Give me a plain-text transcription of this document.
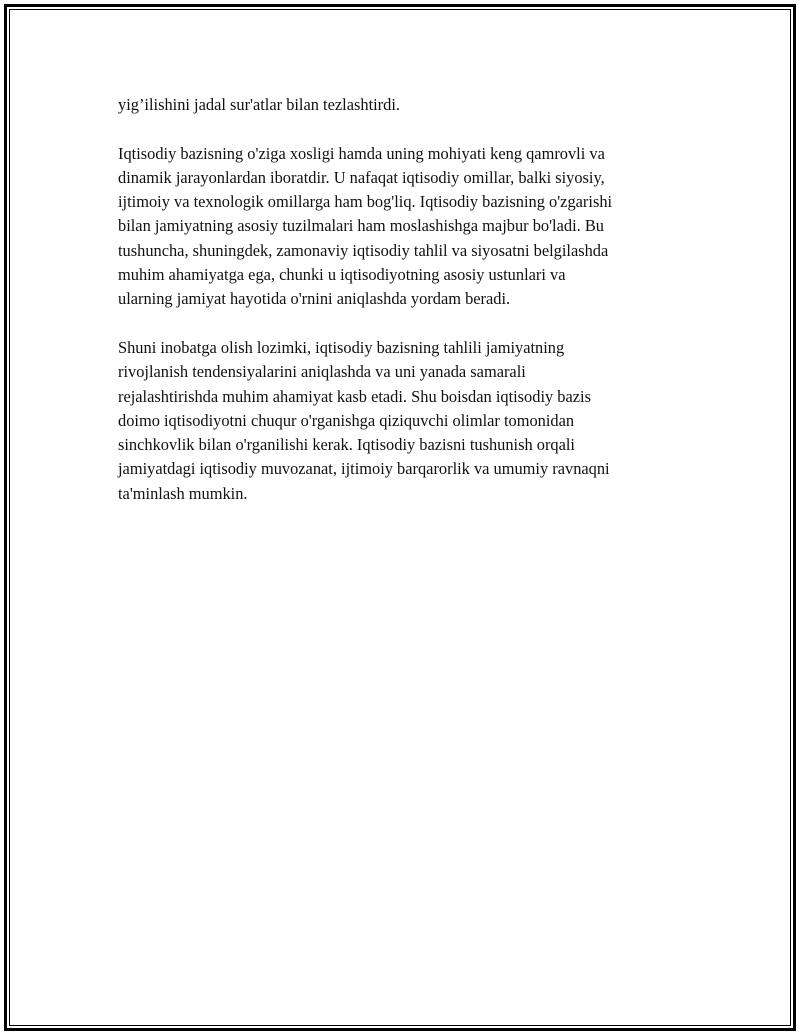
yig’ilishini jadal sur'atlar bilan tezlashtirdi.

Iqtisodiy bazisning o'ziga xosligi hamda uning mohiyati keng qamrovli va
dinamik jarayonlardan iboratdir. U nafaqat iqtisodiy omillar, balki siyosiy,
ijtimoiy va texnologik omillarga ham bog'liq. Iqtisodiy bazisning o'zgarishi
bilan jamiyatning asosiy tuzilmalari ham moslashishga majbur bo'ladi. Bu
tushuncha, shuningdek, zamonaviy iqtisodiy tahlil va siyosatni belgilashda
muhim ahamiyatga ega, chunki u iqtisodiyotning asosiy ustunlari va
ularning jamiyat hayotida o'rnini aniqlashda yordam beradi.

Shuni inobatga olish lozimki, iqtisodiy bazisning tahlili jamiyatning
rivojlanish tendensiyalarini aniqlashda va uni yanada samarali
rejalashtirishda muhim ahamiyat kasb etadi. Shu boisdan iqtisodiy bazis
doimo iqtisodiyotni chuqur o'rganishga qiziquvchi olimlar tomonidan
sinchkovlik bilan o'rganilishi kerak. Iqtisodiy bazisni tushunish orqali
jamiyatdagi iqtisodiy muvozanat, ijtimoiy barqarorlik va umumiy ravnaqni
ta'minlash mumkin.
